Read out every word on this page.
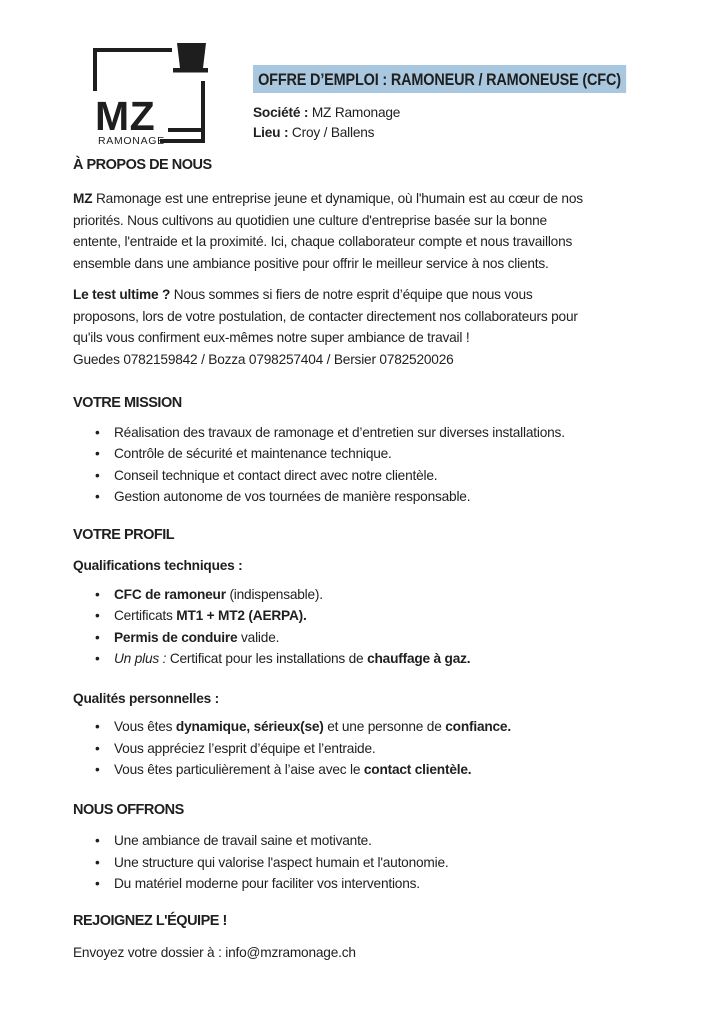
MZ
RAMONAGE
OFFRE D’EMPLOI : RAMONEUR / RAMONEUSE (CFC)
Société : MZ Ramonage
Lieu : Croy / Ballens
À PROPOS DE NOUS
MZ Ramonage est une entreprise jeune et dynamique, où l'humain est au cœur de nos
priorités. Nous cultivons au quotidien une culture d'entreprise basée sur la bonne
entente, l'entraide et la proximité. Ici, chaque collaborateur compte et nous travaillons
ensemble dans une ambiance positive pour offrir le meilleur service à nos clients.
Le test ultime ? Nous sommes si fiers de notre esprit d’équipe que nous vous
proposons, lors de votre postulation, de contacter directement nos collaborateurs pour
qu'ils vous confirment eux-mêmes notre super ambiance de travail !
Guedes 0782159842 / Bozza 0798257404 / Bersier 0782520026
VOTRE MISSION
• Réalisation des travaux de ramonage et d’entretien sur diverses installations.
• Contrôle de sécurité et maintenance technique.
• Conseil technique et contact direct avec notre clientèle.
• Gestion autonome de vos tournées de manière responsable.
VOTRE PROFIL
Qualifications techniques :
• CFC de ramoneur (indispensable).
• Certificats MT1 + MT2 (AERPA).
• Permis de conduire valide.
• Un plus : Certificat pour les installations de chauffage à gaz.
Qualités personnelles :
• Vous êtes dynamique, sérieux(se) et une personne de confiance.
• Vous appréciez l’esprit d’équipe et l’entraide.
• Vous êtes particulièrement à l’aise avec le contact clientèle.
NOUS OFFRONS
• Une ambiance de travail saine et motivante.
• Une structure qui valorise l'aspect humain et l'autonomie.
• Du matériel moderne pour faciliter vos interventions.
REJOIGNEZ L'ÉQUIPE !
Envoyez votre dossier à : info@mzramonage.ch
